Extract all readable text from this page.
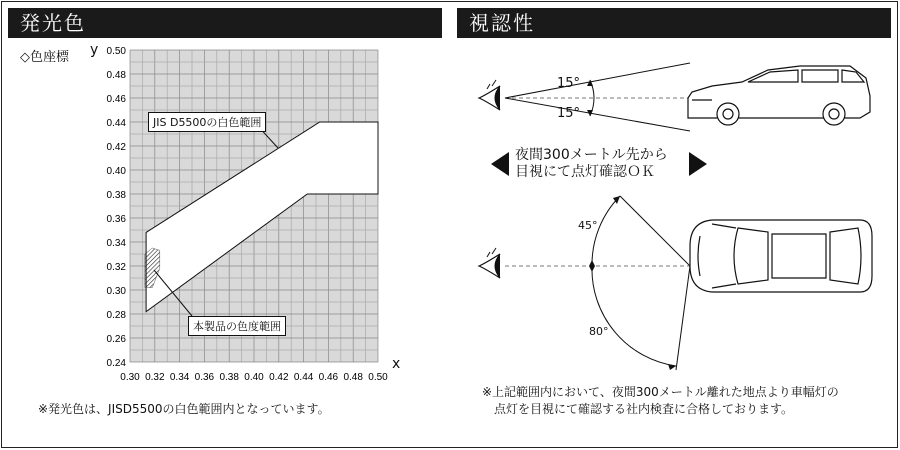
発光色	視認性
◇色座標 y
x
0.24
0.26
0.28
0.30
0.32
0.34
0.36
0.38
0.40
0.42
0.44
0.46
0.48
0.50
0.30 0.32 0.34 0.36 0.38 0.40 0.42 0.44 0.46 0.48 0.50
JIS D5500の白色範囲
本製品の色度範囲
※発光色は、JISD5500の白色範囲内となっています。
15°
15°
夜間300メートル先から
目視にて点灯確認ＯＫ
45°
80°
※上記範囲内において、夜間300メートル離れた地点より車幅灯の
点灯を目視にて確認する社内検査に合格しております。
